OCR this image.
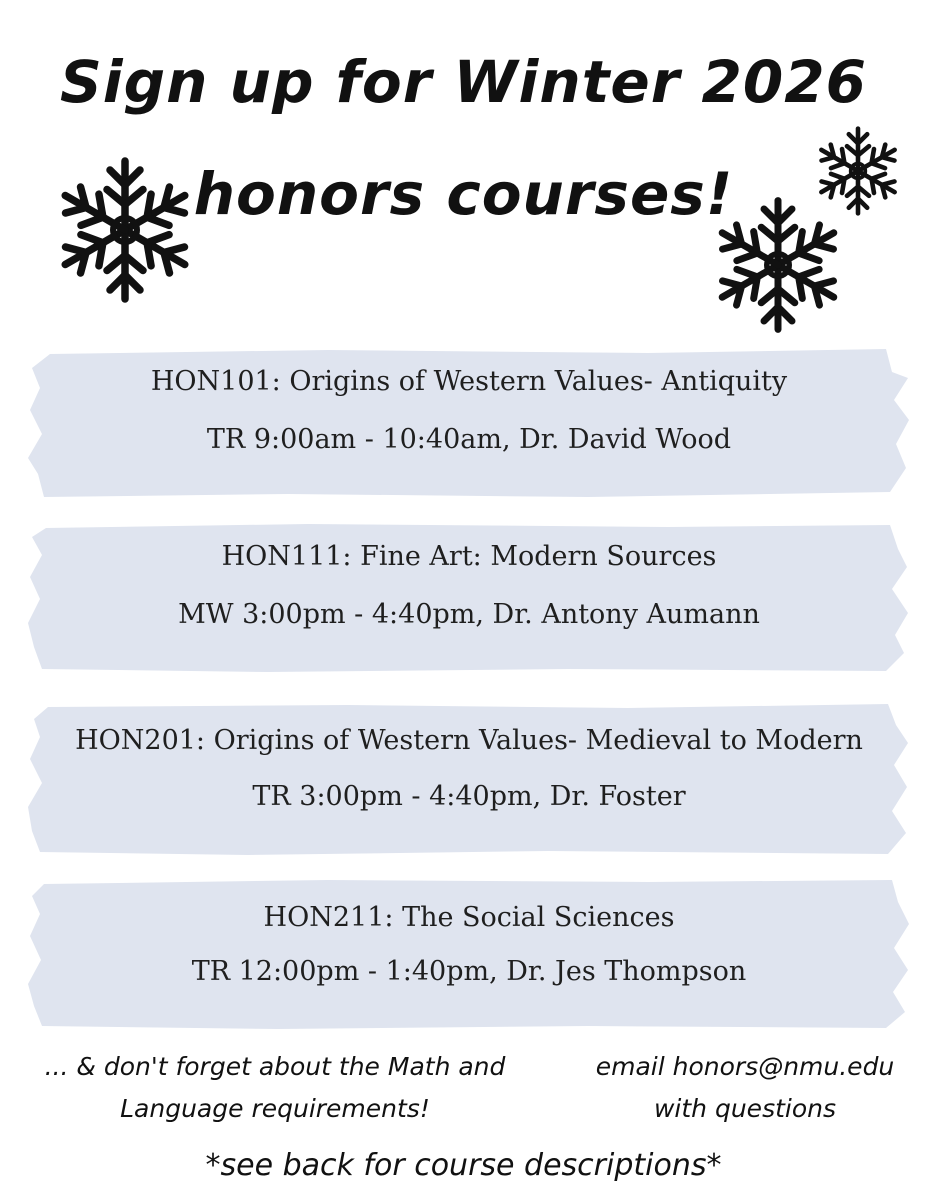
Sign up for Winter 2026
honors courses!
HON101: Origins of Western Values- Antiquity
TR 9:00am - 10:40am, Dr. David Wood
HON111: Fine Art: Modern Sources
MW 3:00pm - 4:40pm, Dr. Antony Aumann
HON201: Origins of Western Values- Medieval to Modern
TR 3:00pm - 4:40pm, Dr. Foster
HON211: The Social Sciences
TR 12:00pm - 1:40pm, Dr. Jes Thompson
... & don't forget about the Math and
Language requirements!
email honors@nmu.edu
with questions
*see back for course descriptions*
